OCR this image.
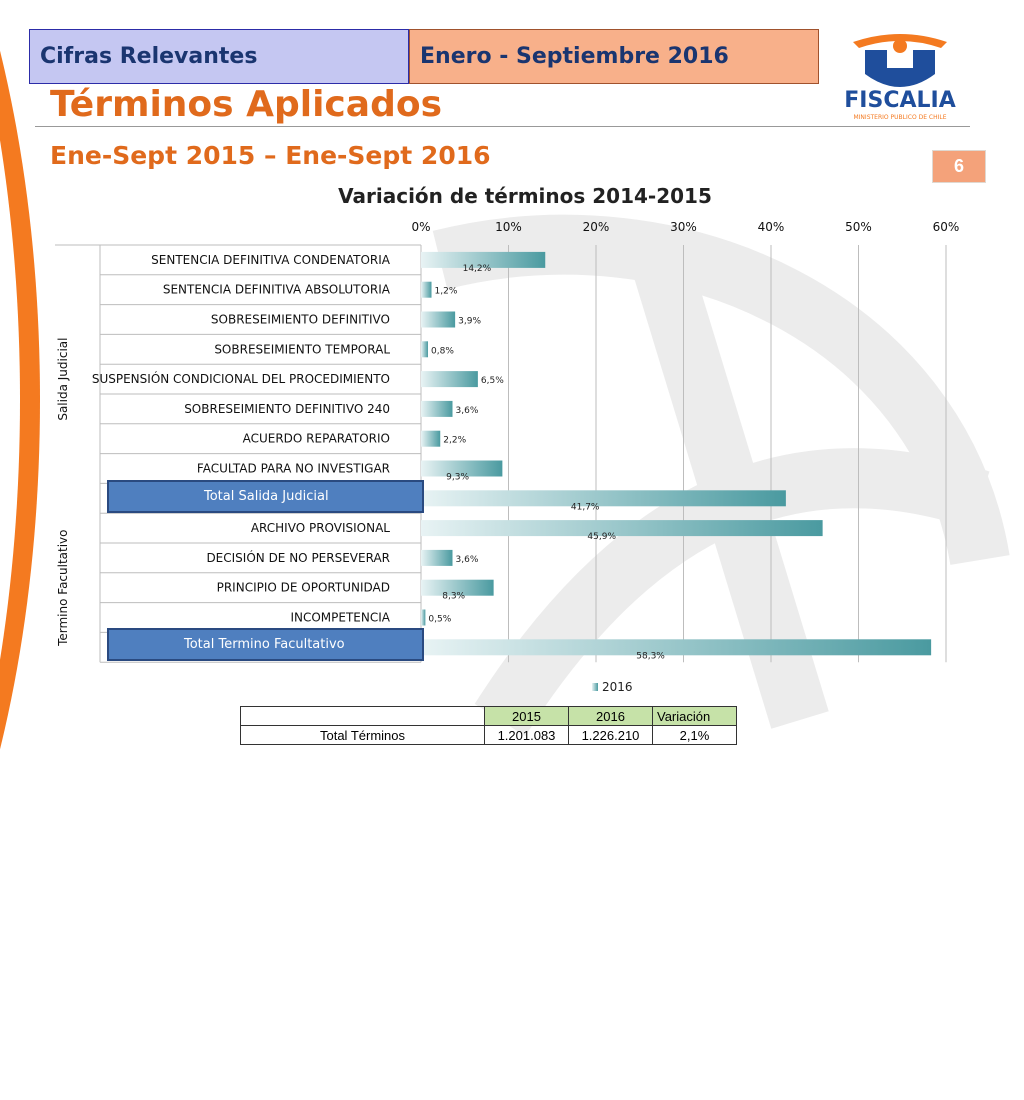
Cifras Relevantes	Enero - Septiembre 2016
FISCALIA
MINISTERIO PUBLICO DE CHILE
Términos Aplicados
Ene-Sept 2015 – Ene-Sept 2016	6
Variación de términos 2014-2015
0%	10%	20%	30%	40%	50%	60%
SENTENCIA DEFINITIVA CONDENATORIA
14,2%
SENTENCIA DEFINITIVA ABSOLUTORIA	1,2%
SOBRESEIMIENTO DEFINITIVO	3,9%
SOBRESEIMIENTO TEMPORAL	0,8%
SUSPENSIÓN CONDICIONAL DEL PROCEDIMIENTO	6,5%
SOBRESEIMIENTO DEFINITIVO 240	3,6%
ACUERDO REPARATORIO	2,2%
FACULTAD PARA NO INVESTIGAR
9,3%
41,7%
ARCHIVO PROVISIONAL
45,9%
DECISIÓN DE NO PERSEVERAR	3,6%
PRINCIPIO DE OPORTUNIDAD
8,3%
INCOMPETENCIA	0,5%
58,3%
Salida Judicial
Termino Facultativo
Total Salida Judicial
Total Termino Facultativo
2016
	2015	2016	Variación
Total Términos	1.201.083	1.226.210	2,1%
